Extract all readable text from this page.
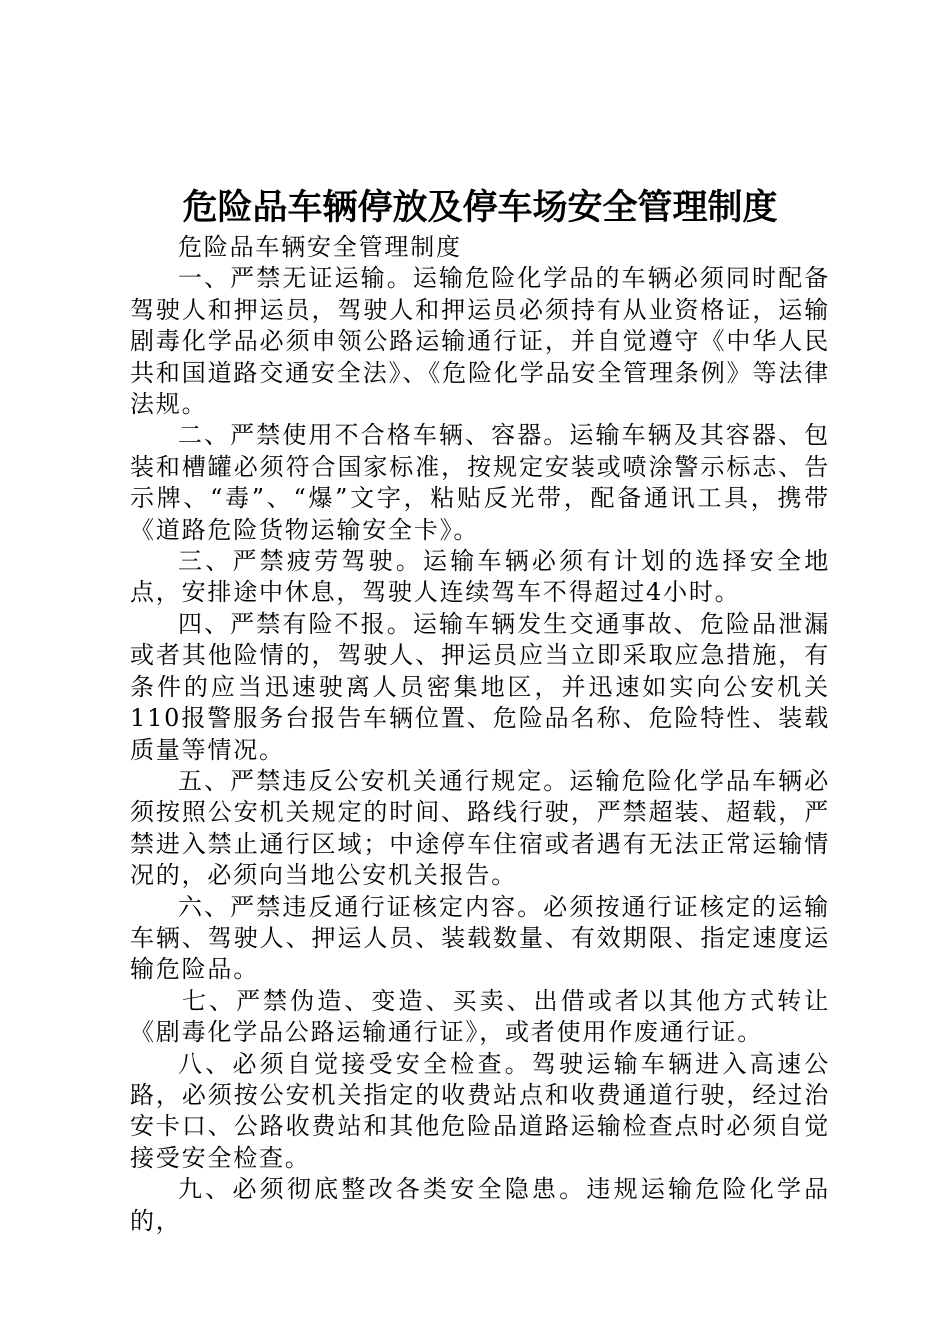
危险品车辆停放及停车场安全管理制度

危险品车辆安全管理制度

一、严禁无证运输。运输危险化学品的车辆必须同时配备驾驶人和押运员，驾驶人和押运员必须持有从业资格证，运输剧毒化学品必须申领公路运输通行证，并自觉遵守《中华人民共和国道路交通安全法》、《危险化学品安全管理条例》等法律法规。

二、严禁使用不合格车辆、容器。运输车辆及其容器、包装和槽罐必须符合国家标准，按规定安装或喷涂警示标志、告示牌、“毒”、“爆”文字，粘贴反光带，配备通讯工具，携带《道路危险货物运输安全卡》。

三、严禁疲劳驾驶。运输车辆必须有计划的选择安全地点，安排途中休息，驾驶人连续驾车不得超过4小时。

四、严禁有险不报。运输车辆发生交通事故、危险品泄漏或者其他险情的，驾驶人、押运员应当立即采取应急措施，有条件的应当迅速驶离人员密集地区，并迅速如实向公安机关110报警服务台报告车辆位置、危险品名称、危险特性、装载质量等情况。

五、严禁违反公安机关通行规定。运输危险化学品车辆必须按照公安机关规定的时间、路线行驶，严禁超装、超载，严禁进入禁止通行区域；中途停车住宿或者遇有无法正常运输情况的，必须向当地公安机关报告。

六、严禁违反通行证核定内容。必须按通行证核定的运输车辆、驾驶人、押运人员、装载数量、有效期限、指定速度运输危险品。

七、严禁伪造、变造、买卖、出借或者以其他方式转让《剧毒化学品公路运输通行证》，或者使用作废通行证。

八、必须自觉接受安全检查。驾驶运输车辆进入高速公路，必须按公安机关指定的收费站点和收费通道行驶，经过治安卡口、公路收费站和其他危险品道路运输检查点时必须自觉接受安全检查。

九、必须彻底整改各类安全隐患。违规运输危险化学品的，
